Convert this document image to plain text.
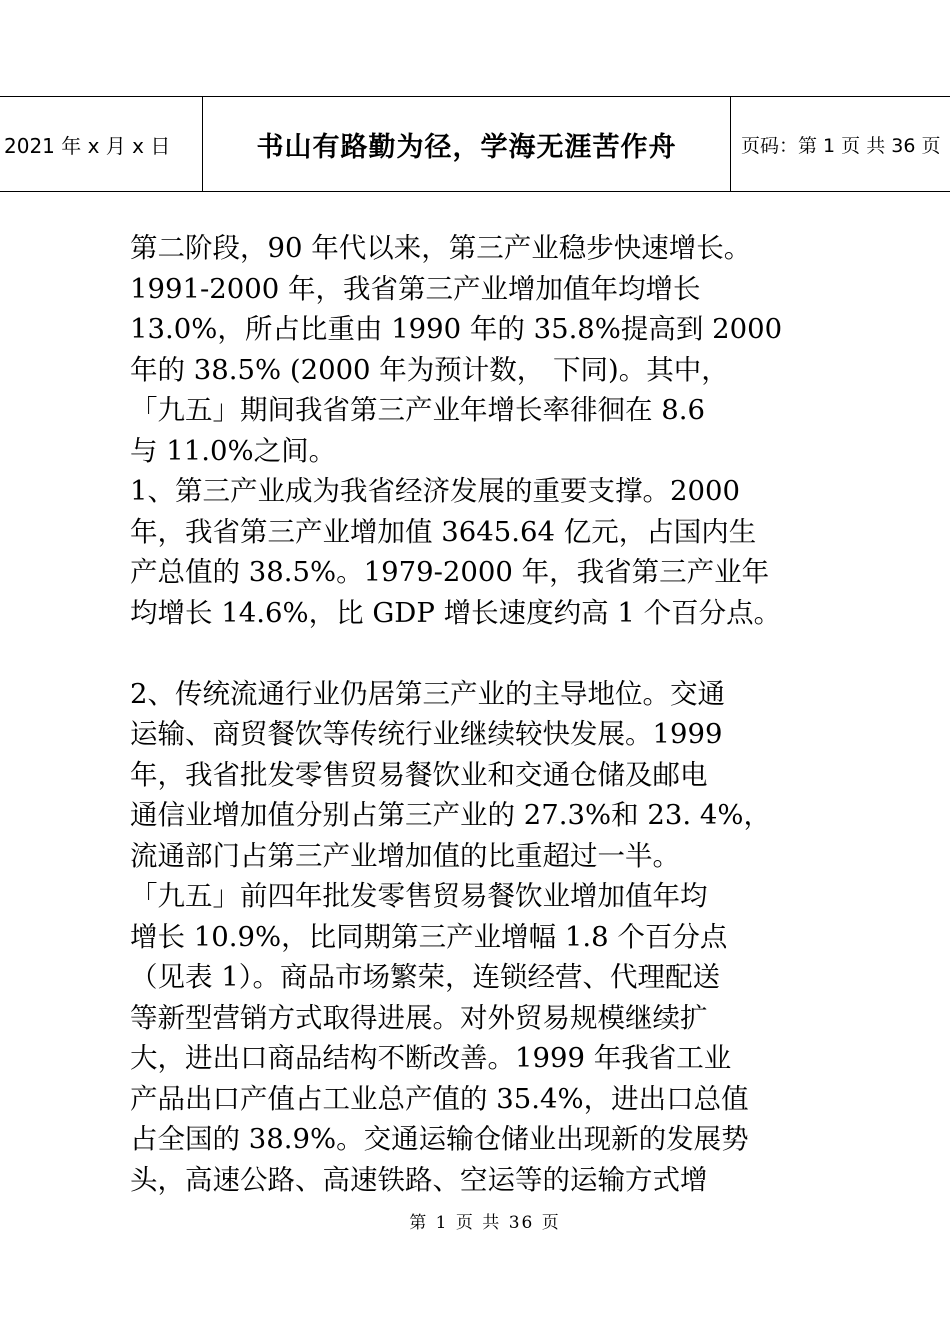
2021 年 x 月 x 日	书山有路勤为径，学海无涯苦作舟	页码：第 1 页 共 36 页
第二阶段，90 年代以来，第三产业稳步快速增长。
1991-2000 年，我省第三产业增加值年均增长
13.0%，所占比重由 1990 年的 35.8%提高到 2000
年的 38.5% (2000 年为预计数， 下同)。其中，
「九五」期间我省第三产业年增长率徘徊在 8.6
与 11.0%之间。
1、第三产业成为我省经济发展的重要支撑。2000
年，我省第三产业增加值 3645.64 亿元，占国内生
产总值的 38.5%。1979-2000 年，我省第三产业年
均增长 14.6%，比 GDP 增长速度约高 1 个百分点。
2、传统流通行业仍居第三产业的主导地位。交通
运输、商贸餐饮等传统行业继续较快发展。1999
年，我省批发零售贸易餐饮业和交通仓储及邮电
通信业增加值分别占第三产业的 27.3%和 23. 4%，
流通部门占第三产业增加值的比重超过一半。
「九五」前四年批发零售贸易餐饮业增加值年均
增长 10.9%，比同期第三产业增幅 1.8 个百分点
（见表 1）。商品市场繁荣，连锁经营、代理配送
等新型营销方式取得进展。对外贸易规模继续扩
大，进出口商品结构不断改善。1999 年我省工业
产品出口产值占工业总产值的 35.4%，进出口总值
占全国的 38.9%。交通运输仓储业出现新的发展势
头，高速公路、高速铁路、空运等的运输方式增
第 1 页 共 36 页
